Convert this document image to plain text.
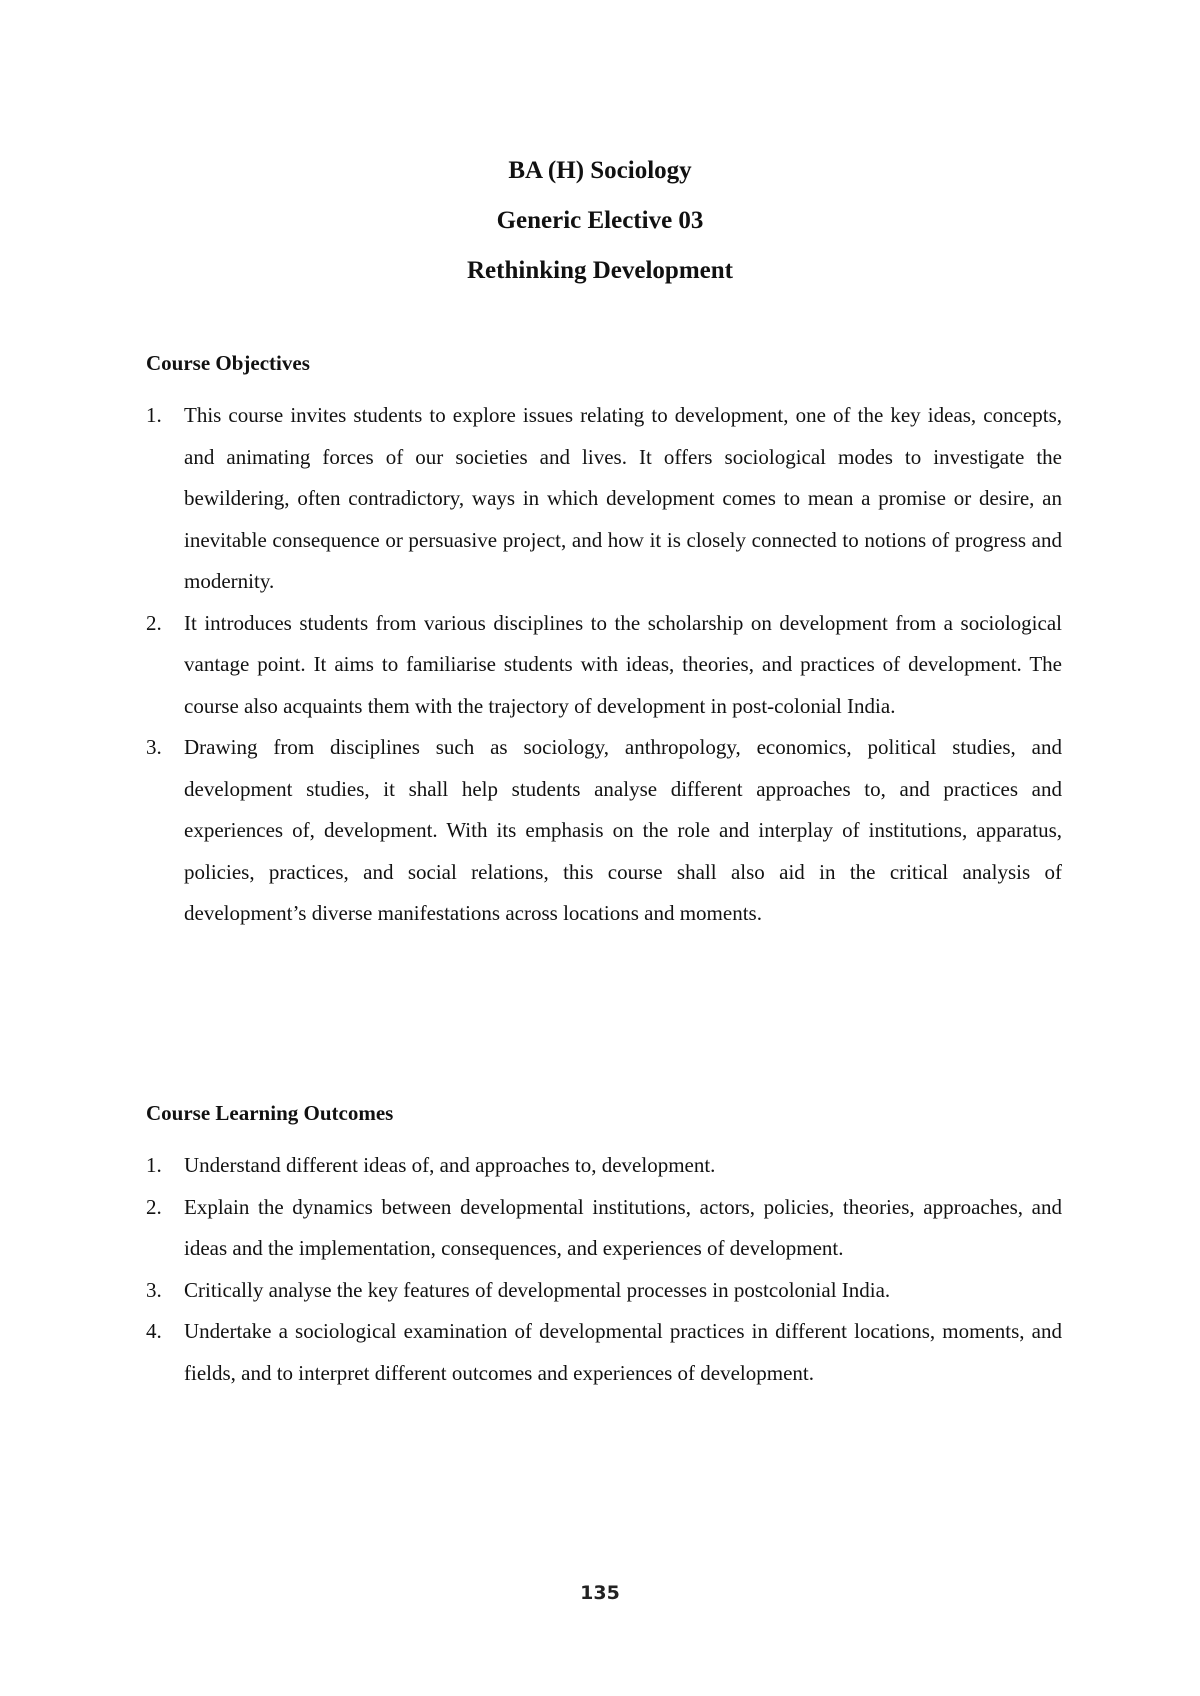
BA (H) Sociology

Generic Elective 03

Rethinking Development

Course Objectives
1. This course invites students to explore issues relating to development, one of the key ideas, concepts, and animating forces of our societies and lives. It offers sociological modes to investigate the bewildering, often contradictory, ways in which development comes to mean a promise or desire, an inevitable consequence or persuasive project, and how it is closely connected to notions of progress and modernity.
2. It introduces students from various disciplines to the scholarship on development from a sociological vantage point. It aims to familiarise students with ideas, theories, and practices of development. The course also acquaints them with the trajectory of development in post-colonial India.
3. Drawing from disciplines such as sociology, anthropology, economics, political studies, and development studies, it shall help students analyse different approaches to, and practices and experiences of, development. With its emphasis on the role and interplay of institutions, apparatus, policies, practices, and social relations, this course shall also aid in the critical analysis of development’s diverse manifestations across locations and moments.
Course Learning Outcomes
1. Understand different ideas of, and approaches to, development.
2. Explain the dynamics between developmental institutions, actors, policies, theories, approaches, and ideas and the implementation, consequences, and experiences of development.
3. Critically analyse the key features of developmental processes in postcolonial India.
4. Undertake a sociological examination of developmental practices in different locations, moments, and fields, and to interpret different outcomes and experiences of development.
135
